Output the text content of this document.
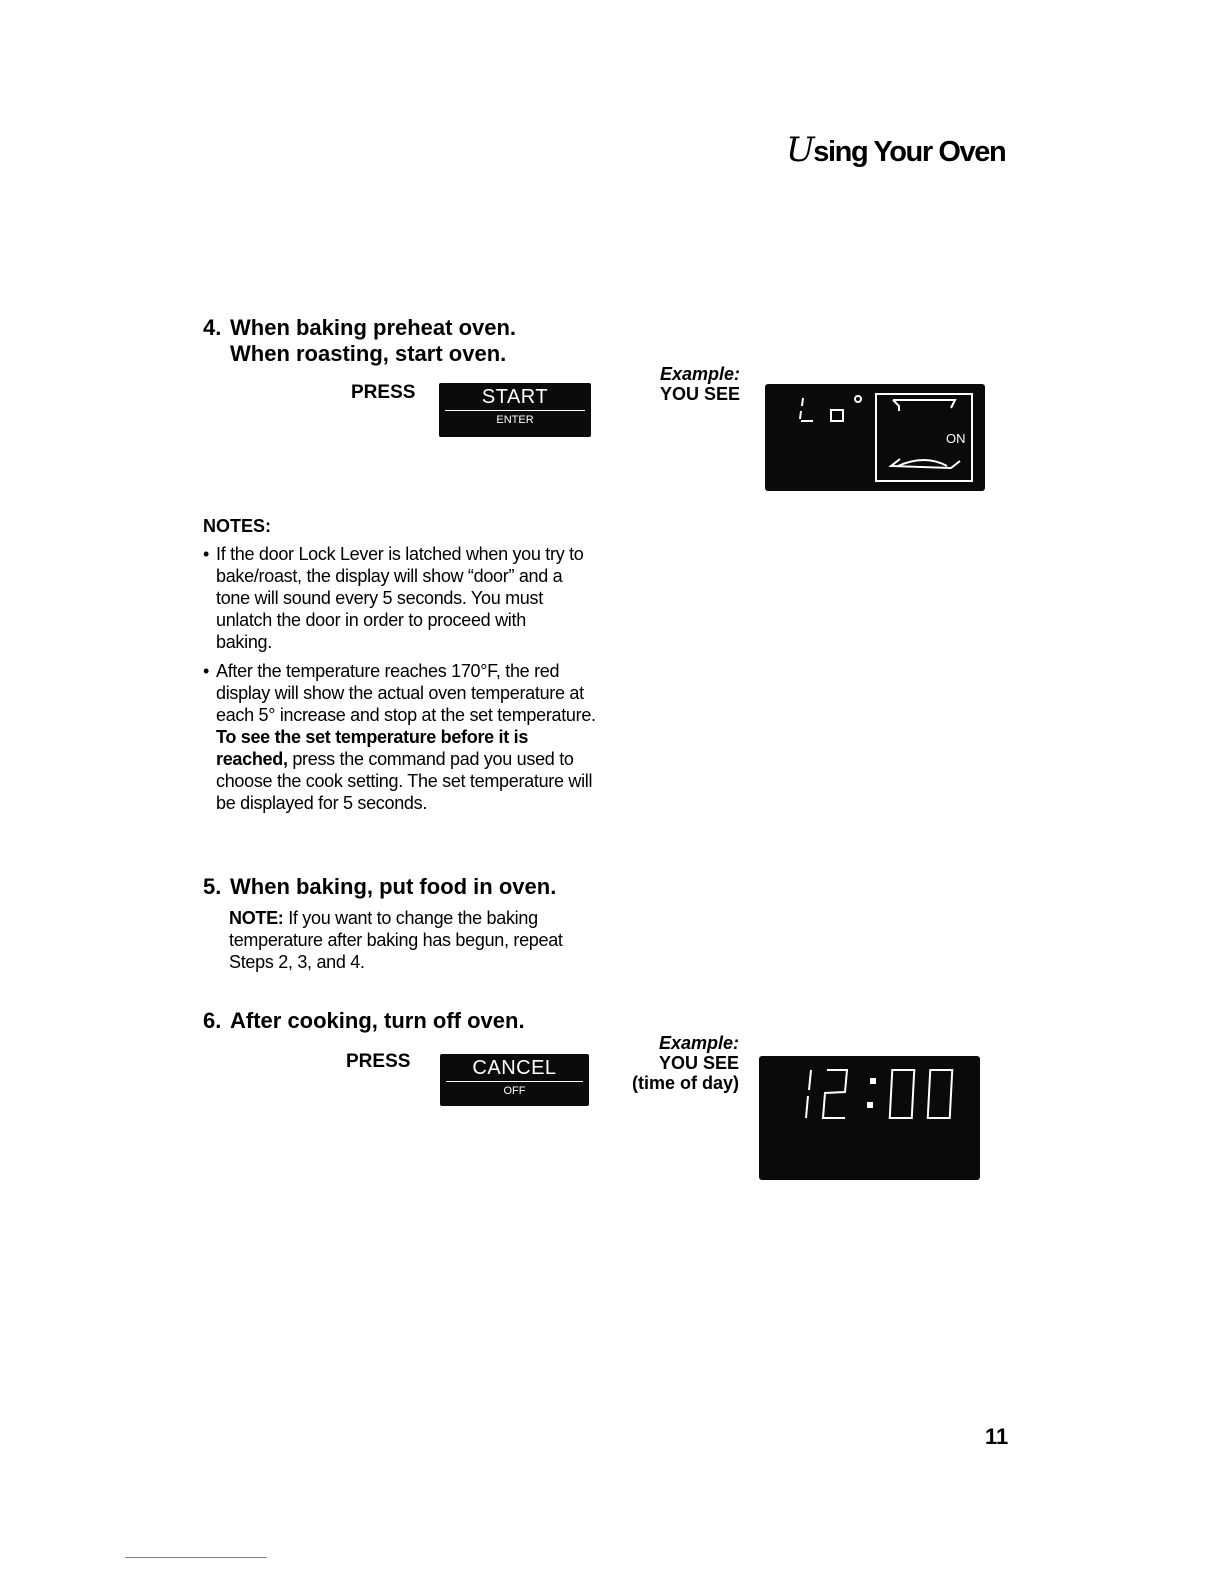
Using Your Oven
4. When baking preheat oven.
When roasting, start oven.
PRESS	START
ENTER
Example:
YOU SEE
ON
NOTES:
• If the door Lock Lever is latched when you try to bake/roast, the display will show “door” and a tone will sound every 5 seconds. You must unlatch the door in order to proceed with baking.
• After the temperature reaches 170°F, the red display will show the actual oven temperature at each 5° increase and stop at the set temperature. To see the set temperature before it is reached, press the command pad you used to choose the cook setting. The set temperature will be displayed for 5 seconds.
5. When baking, put food in oven.
NOTE: If you want to change the baking temperature after baking has begun, repeat Steps 2, 3, and 4.
6. After cooking, turn off oven.
PRESS	CANCEL
OFF
Example:
YOU SEE
(time of day)
11
